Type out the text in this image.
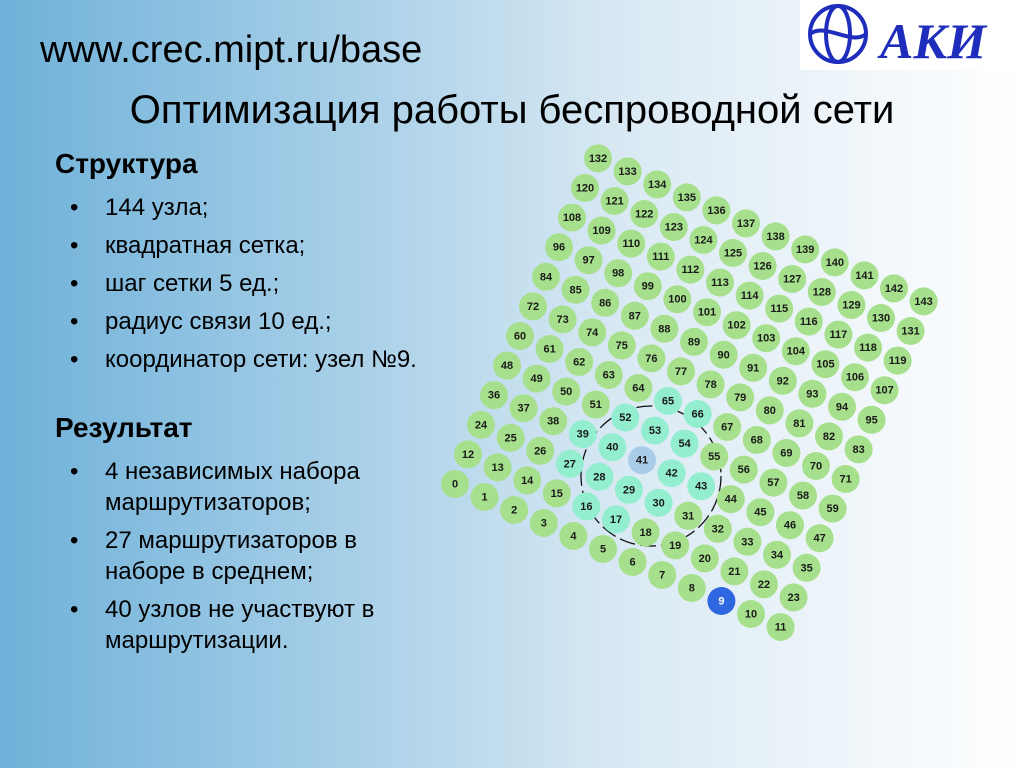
www.crec.mipt.ru/base
Оптимизация работы беспроводной сети
АКИ
Структура
• 144 узла;
• квадратная сетка;
• шаг сетки 5 ед.;
• радиус связи 10 ед.;
• координатор сети: узел №9.
Результат
• 4 независимых набора маршрутизаторов;
• 27 маршрутизаторов в наборе в среднем;
• 40 узлов не участвуют в маршрутизации.
0
1
2
3
4
5
6
7
8
9
10
11
12
13
14
15
16
17
18
19
20
21
22
23
24
25
26
27
28
29
30
31
32
33
34
35
36
37
38
39
40
41
42
43
44
45
46
47
48
49
50
51
52
53
54
55
56
57
58
59
60
61
62
63
64
65
66
67
68
69
70
71
72
73
74
75
76
77
78
79
80
81
82
83
84
85
86
87
88
89
90
91
92
93
94
95
96
97
98
99
100
101
102
103
104
105
106
107
108
109
110
111
112
113
114
115
116
117
118
119
120
121
122
123
124
125
126
127
128
129
130
131
132
133
134
135
136
137
138
139
140
141
142
143
